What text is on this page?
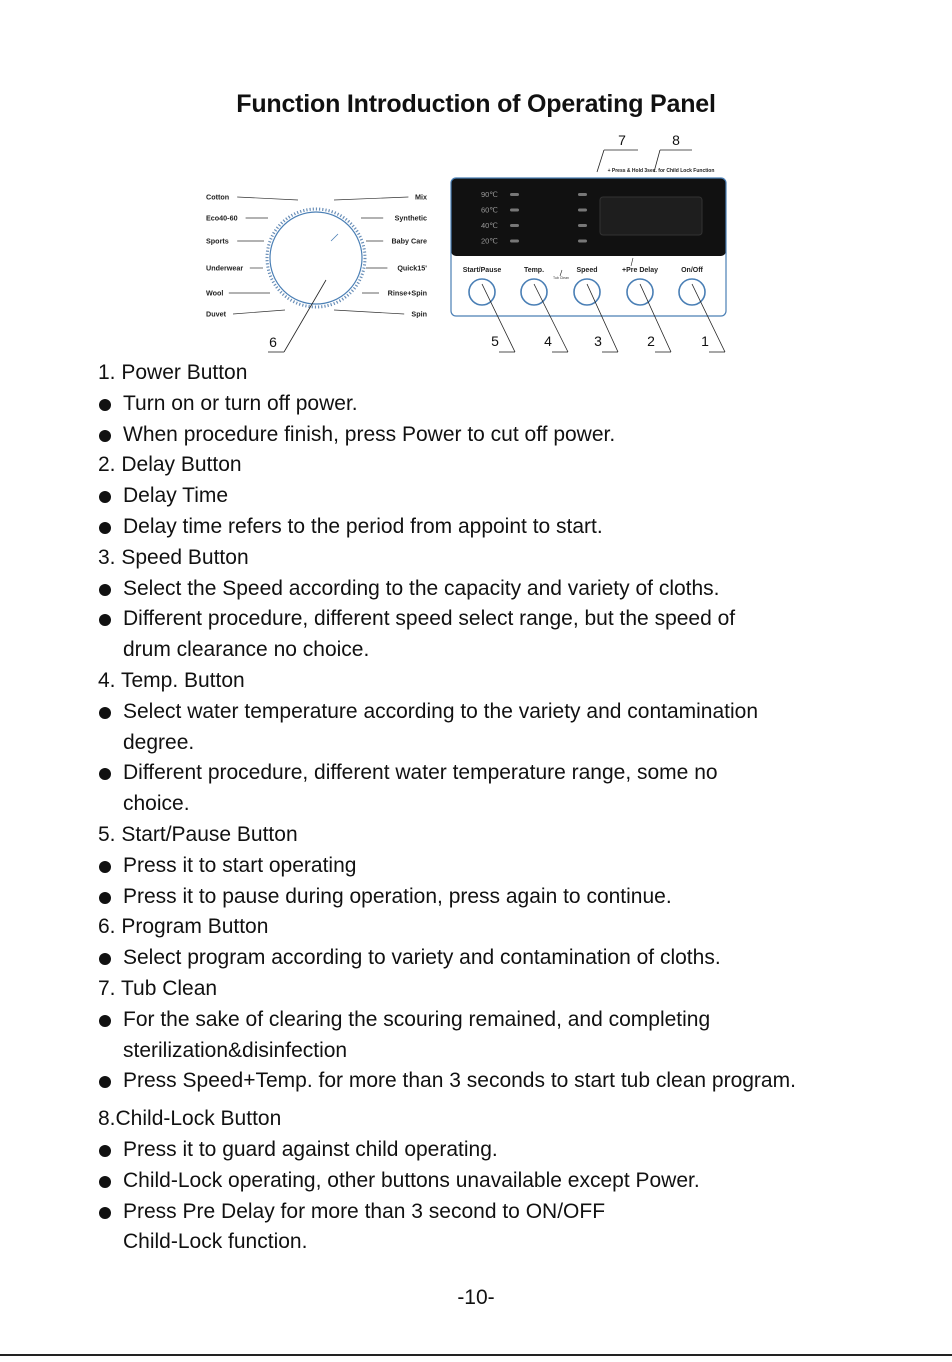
Function Introduction of Operating Panel
Cotton
Eco40-60
Sports
Underwear
Wool
Duvet
Mix
Synthetic
Baby Care
Quick15'
Rinse+Spin
Spin
90℃
60℃
40℃
20℃
Start/Pause	Temp.	Speed	+Pre Delay	On/Off
Tub Clean
+ Press & Hold 3sec. for Child Lock Function
5	4	3	2	1
6
7	8
1. Power Button
Turn on or turn off power.
When procedure finish, press Power to cut off power.
2. Delay Button
Delay Time
Delay time refers to the period from appoint to start.
3. Speed Button
Select the Speed according to the capacity and variety of cloths.
Different procedure, different speed select range, but the speed of
drum clearance no choice.
4. Temp. Button
Select water temperature according to the variety and contamination
degree.
Different procedure, different water temperature range, some no
choice.
5. Start/Pause Button
Press it to start operating
Press it to pause during operation, press again to continue.
6. Program Button
Select program according to variety and contamination of cloths.
7. Tub Clean
For the sake of clearing the scouring remained, and completing
sterilization&disinfection
Press Speed+Temp. for more than 3 seconds to start tub clean program.
8.Child-Lock Button
Press it to guard against child operating.
Child-Lock operating, other buttons unavailable except Power.
Press Pre Delay for more than 3 second to ON/OFF
Child-Lock function.
-10-
